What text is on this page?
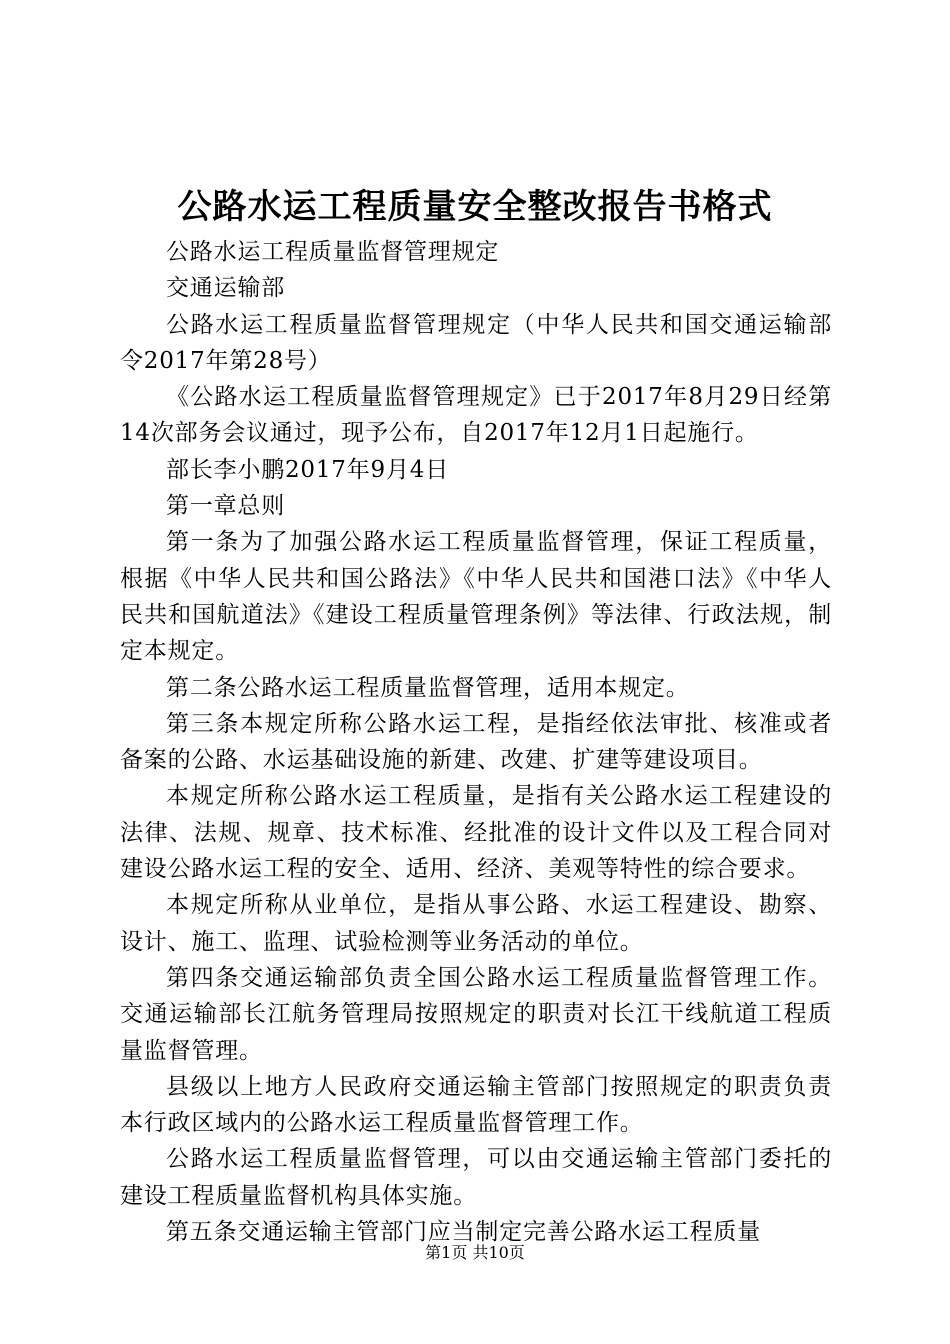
公路水运工程质量安全整改报告书格式

公路水运工程质量监督管理规定

交通运输部

公路水运工程质量监督管理规定（中华人民共和国交通运输部令2017年第28号）

《公路水运工程质量监督管理规定》已于2017年8月29日经第14次部务会议通过，现予公布，自2017年12月1日起施行。

部长李小鹏2017年9月4日

第一章总则

第一条为了加强公路水运工程质量监督管理，保证工程质量，根据《中华人民共和国公路法》《中华人民共和国港口法》《中华人民共和国航道法》《建设工程质量管理条例》等法律、行政法规，制定本规定。

第二条公路水运工程质量监督管理，适用本规定。

第三条本规定所称公路水运工程，是指经依法审批、核准或者备案的公路、水运基础设施的新建、改建、扩建等建设项目。

本规定所称公路水运工程质量，是指有关公路水运工程建设的法律、法规、规章、技术标准、经批准的设计文件以及工程合同对建设公路水运工程的安全、适用、经济、美观等特性的综合要求。

本规定所称从业单位，是指从事公路、水运工程建设、勘察、设计、施工、监理、试验检测等业务活动的单位。

第四条交通运输部负责全国公路水运工程质量监督管理工作。交通运输部长江航务管理局按照规定的职责对长江干线航道工程质量监督管理。

县级以上地方人民政府交通运输主管部门按照规定的职责负责本行政区域内的公路水运工程质量监督管理工作。

公路水运工程质量监督管理，可以由交通运输主管部门委托的建设工程质量监督机构具体实施。

第五条交通运输主管部门应当制定完善公路水运工程质量

第1页 共10页
